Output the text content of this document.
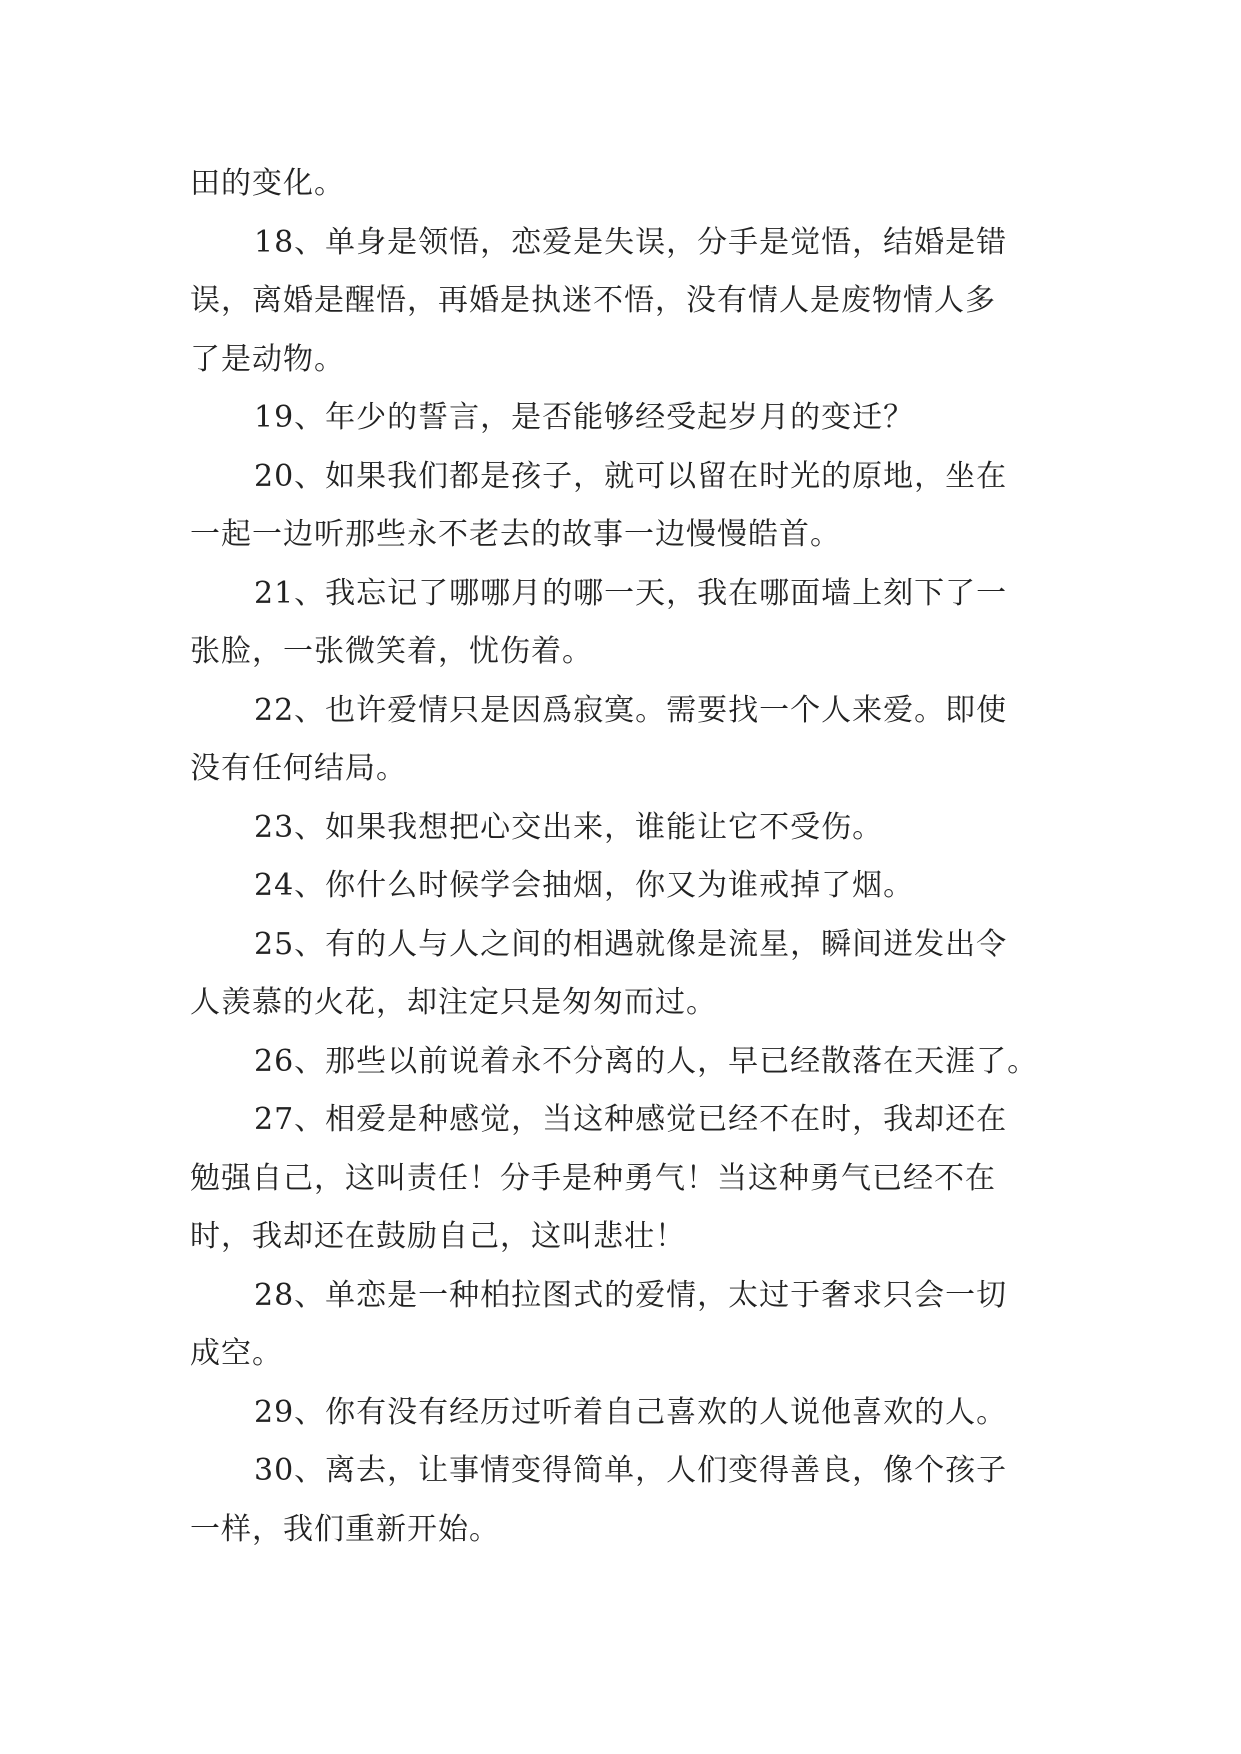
田的变化。
18、单身是领悟，恋爱是失误，分手是觉悟，结婚是错
误，离婚是醒悟，再婚是执迷不悟，没有情人是废物情人多
了是动物。
19、年少的誓言，是否能够经受起岁月的变迁？
20、如果我们都是孩子，就可以留在时光的原地，坐在
一起一边听那些永不老去的故事一边慢慢皓首。
21、我忘记了哪哪月的哪一天，我在哪面墙上刻下了一
张脸，一张微笑着，忧伤着。
22、也许爱情只是因爲寂寞。需要找一个人来爱。即使
没有任何结局。
23、如果我想把心交出来，谁能让它不受伤。
24、你什么时候学会抽烟，你又为谁戒掉了烟。
25、有的人与人之间的相遇就像是流星，瞬间迸发出令
人羡慕的火花，却注定只是匆匆而过。
26、那些以前说着永不分离的人，早已经散落在天涯了。
27、相爱是种感觉，当这种感觉已经不在时，我却还在
勉强自己，这叫责任！分手是种勇气！当这种勇气已经不在
时，我却还在鼓励自己，这叫悲壮！
28、单恋是一种柏拉图式的爱情，太过于奢求只会一切
成空。
29、你有没有经历过听着自己喜欢的人说他喜欢的人。
30、离去，让事情变得简单，人们变得善良，像个孩子
一样，我们重新开始。
